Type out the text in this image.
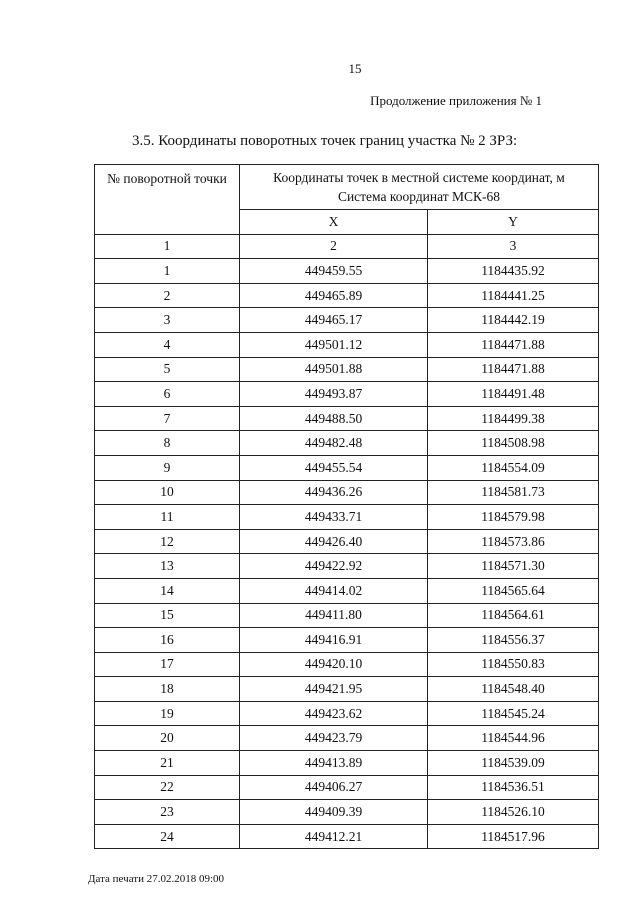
15
Продолжение приложения № 1
3.5. Координаты поворотных точек границ участка № 2 ЗРЗ:
№ поворотной точки	Координаты точек в местной системе координат, м
Система координат МСК-68	

	X	Y
1	2	3
1	449459.55	1184435.92
2	449465.89	1184441.25
3	449465.17	1184442.19
4	449501.12	1184471.88
5	449501.88	1184471.88
6	449493.87	1184491.48
7	449488.50	1184499.38
8	449482.48	1184508.98
9	449455.54	1184554.09
10	449436.26	1184581.73
11	449433.71	1184579.98
12	449426.40	1184573.86
13	449422.92	1184571.30
14	449414.02	1184565.64
15	449411.80	1184564.61
16	449416.91	1184556.37
17	449420.10	1184550.83
18	449421.95	1184548.40
19	449423.62	1184545.24
20	449423.79	1184544.96
21	449413.89	1184539.09
22	449406.27	1184536.51
23	449409.39	1184526.10
24	449412.21	1184517.96
Дата печати 27.02.2018 09:00
